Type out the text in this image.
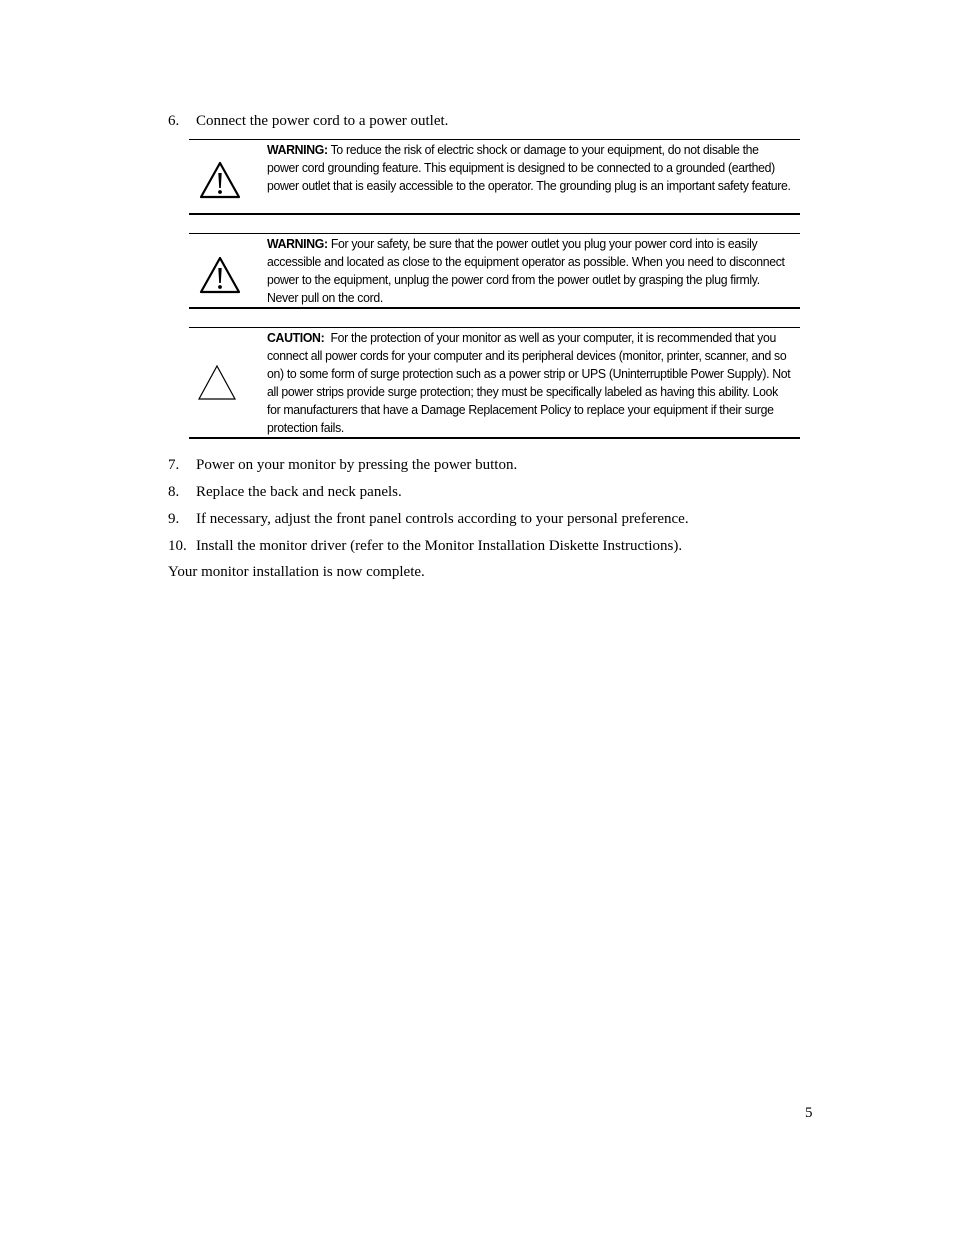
6. Connect the power cord to a power outlet.
WARNING: To reduce the risk of electric shock or damage to your equipment, do not disable the power cord grounding feature. This equipment is designed to be connected to a grounded (earthed) power outlet that is easily accessible to the operator. The grounding plug is an important safety feature.
WARNING: For your safety, be sure that the power outlet you plug your power cord into is easily accessible and located as close to the equipment operator as possible. When you need to disconnect power to the equipment, unplug the power cord from the power outlet by grasping the plug firmly. Never pull on the cord.
CAUTION:  For the protection of your monitor as well as your computer, it is recommended that you connect all power cords for your computer and its peripheral devices (monitor, printer, scanner, and so on) to some form of surge protection such as a power strip or UPS (Uninterruptible Power Supply). Not all power strips provide surge protection; they must be specifically labeled as having this ability. Look for manufacturers that have a Damage Replacement Policy to replace your equipment if their surge protection fails.
7. Power on your monitor by pressing the power button.
8. Replace the back and neck panels.
9. If necessary, adjust the front panel controls according to your personal preference.
10. Install the monitor driver (refer to the Monitor Installation Diskette Instructions).
Your monitor installation is now complete.
5
